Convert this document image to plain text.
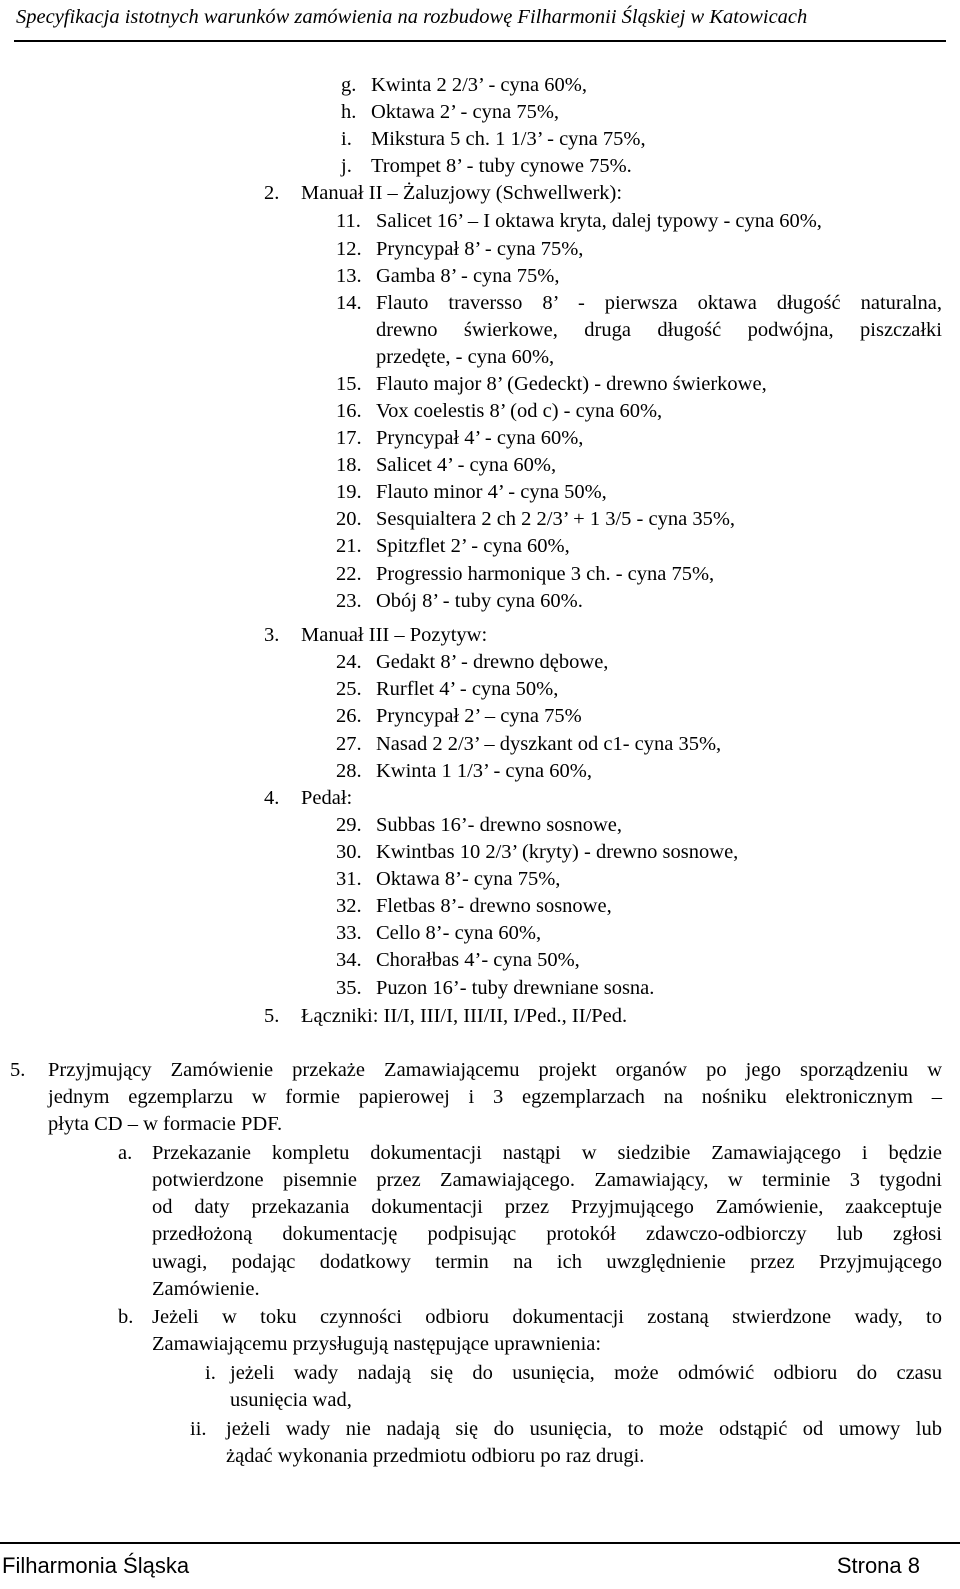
Specyfikacja istotnych warunków zamówienia na rozbudowę Filharmonii Śląskiej w Katowicach
g. Kwinta 2 2/3’ - cyna 60%,
h. Oktawa 2’ - cyna 75%,
i. Mikstura 5 ch. 1 1/3’ - cyna 75%,
j. Trompet 8’ - tuby cynowe 75%.
2. Manuał II – Żaluzjowy (Schwellwerk):
11. Salicet 16’ – I oktawa kryta, dalej typowy - cyna 60%,
12. Pryncypał 8’ - cyna 75%,
13. Gamba 8’ - cyna 75%,
14. Flauto traversso 8’ - pierwsza oktawa długość naturalna,
drewno świerkowe, druga długość podwójna, piszczałki
przedęte, - cyna 60%,
15. Flauto major 8’ (Gedeckt) - drewno świerkowe,
16. Vox coelestis 8’ (od c) - cyna 60%,
17. Pryncypał 4’ - cyna 60%,
18. Salicet 4’ - cyna 60%,
19. Flauto minor 4’ - cyna 50%,
20. Sesquialtera 2 ch 2 2/3’ + 1 3/5 - cyna 35%,
21. Spitzflet 2’ - cyna 60%,
22. Progressio harmonique 3 ch. - cyna 75%,
23. Obój 8’ - tuby cyna 60%.
3. Manuał III – Pozytyw:
24. Gedakt 8’ - drewno dębowe,
25. Rurflet 4’ - cyna 50%,
26. Pryncypał 2’ – cyna 75%
27. Nasad 2 2/3’ – dyszkant od c1- cyna 35%,
28. Kwinta 1 1/3’ - cyna 60%,
4. Pedał:
29. Subbas 16’- drewno sosnowe,
30. Kwintbas 10 2/3’ (kryty) - drewno sosnowe,
31. Oktawa 8’- cyna 75%,
32. Fletbas 8’- drewno sosnowe,
33. Cello 8’- cyna 60%,
34. Chorałbas 4’- cyna 50%,
35. Puzon 16’- tuby drewniane sosna.
5. Łączniki: II/I, III/I, III/II, I/Ped., II/Ped.
5. Przyjmujący Zamówienie przekaże Zamawiającemu projekt organów po jego sporządzeniu w
jednym egzemplarzu w formie papierowej i 3 egzemplarzach na nośniku elektronicznym –
płyta CD – w formacie PDF.
a. Przekazanie kompletu dokumentacji nastąpi w siedzibie Zamawiającego i będzie
potwierdzone pisemnie przez Zamawiającego. Zamawiający, w terminie 3 tygodni
od daty przekazania dokumentacji przez Przyjmującego Zamówienie, zaakceptuje
przedłożoną dokumentację podpisując protokół zdawczo-odbiorczy lub zgłosi
uwagi, podając dodatkowy termin na ich uwzględnienie przez Przyjmującego
Zamówienie.
b. Jeżeli w toku czynności odbioru dokumentacji zostaną stwierdzone wady, to
Zamawiającemu przysługują następujące uprawnienia:
i. jeżeli wady nadają się do usunięcia, może odmówić odbioru do czasu
usunięcia wad,
ii. jeżeli wady nie nadają się do usunięcia, to może odstąpić od umowy lub
żądać wykonania przedmiotu odbioru po raz drugi.
Filharmonia Śląska	Strona 8
